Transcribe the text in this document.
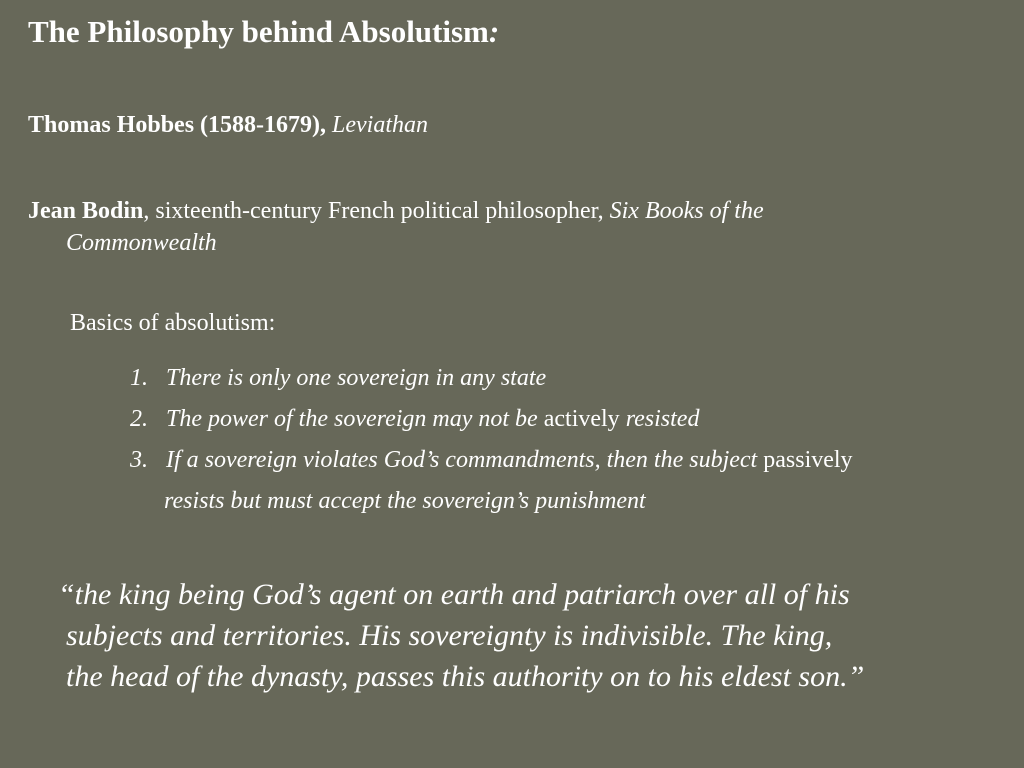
The Philosophy behind Absolutism:
Thomas Hobbes (1588-1679), Leviathan
Jean Bodin, sixteenth-century French political philosopher, Six Books of the
Commonwealth
Basics of absolutism:
1. There is only one sovereign in any state
2. The power of the sovereign may not be actively resisted
3. If a sovereign violates God’s commandments, then the subject passively
resists but must accept the sovereign’s punishment
“the king being God’s agent on earth and patriarch over all of his
subjects and territories. His sovereignty is indivisible. The king,
the head of the dynasty, passes this authority on to his eldest son.”
